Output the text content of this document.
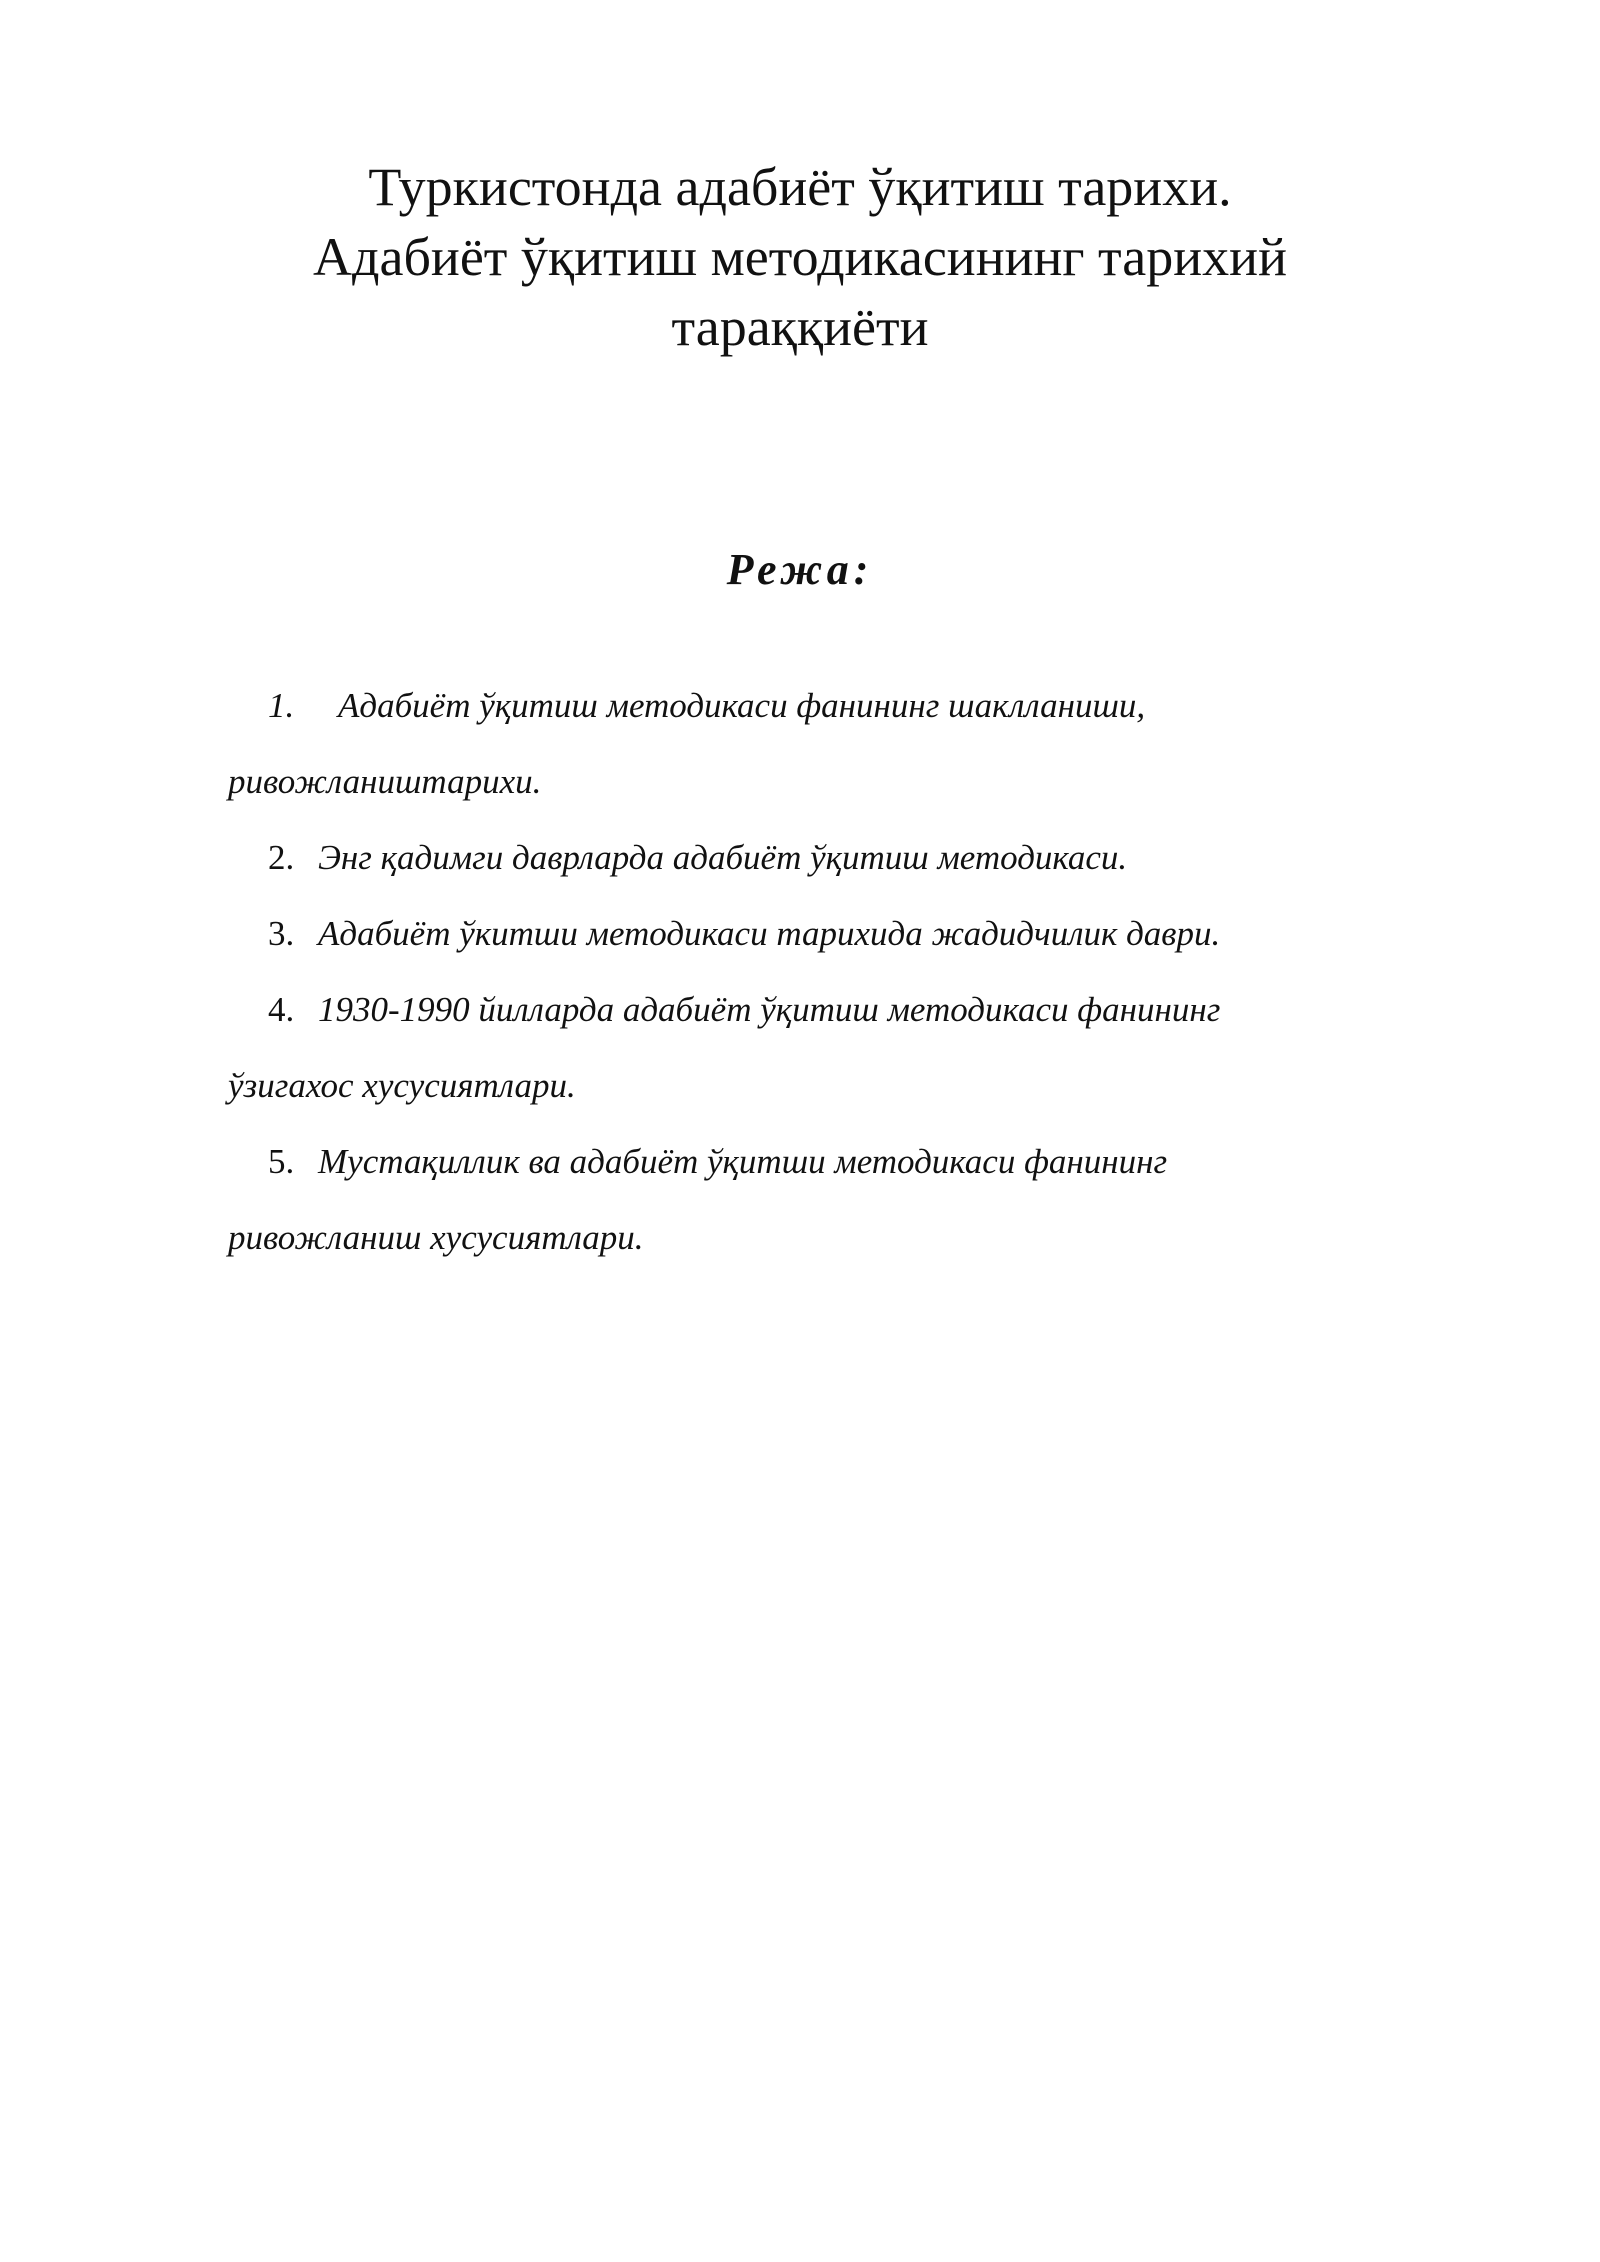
Туркистонда адабиёт ўқитиш тарихи.
Адабиёт ўқитиш методикасининг тарихий
тараққиёти
Режа:
1. Адабиёт ўқитиш методикаси фанининг шаклланиши,
ривожлаништарихи.
2. Энг қадимги даврларда адабиёт ўқитиш методикаси.
3. Адабиёт ўкитши методикаси тарихида жадидчилик даври.
4. 1930-1990 йилларда адабиёт ўқитиш методикаси фанининг
ўзигахос хусусиятлари.
5. Мустақиллик ва адабиёт ўқитши методикаси фанининг
ривожланиш хусусиятлари.
